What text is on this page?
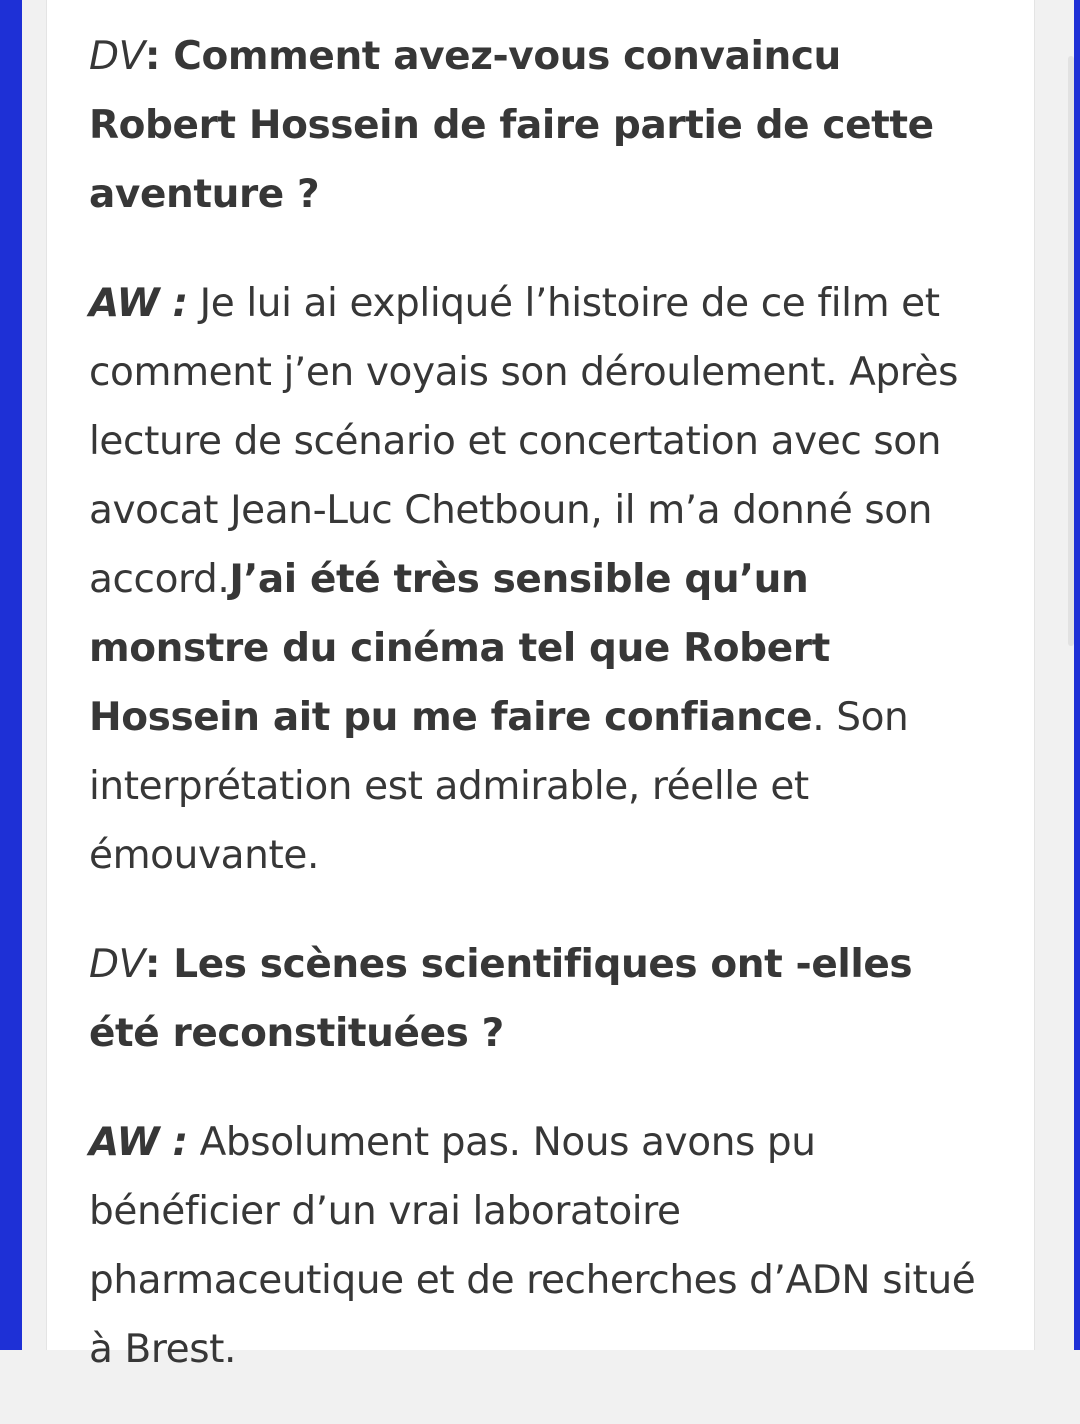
DV: Comment avez-vous convaincu Robert Hossein de faire partie de cette aventure ?

AW : Je lui ai expliqué l’histoire de ce film et comment j’en voyais son déroulement. Après lecture de scénario et concertation avec son avocat Jean-Luc Chetboun, il m’a donné son accord.J’ai été très sensible qu’un monstre du cinéma tel que Robert Hossein ait pu me faire confiance. Son interprétation est admirable, réelle et émouvante.

DV: Les scènes scientifiques ont -elles été reconstituées ?

AW : Absolument pas. Nous avons pu bénéficier d’un vrai laboratoire pharmaceutique et de recherches d’ADN situé à Brest.
